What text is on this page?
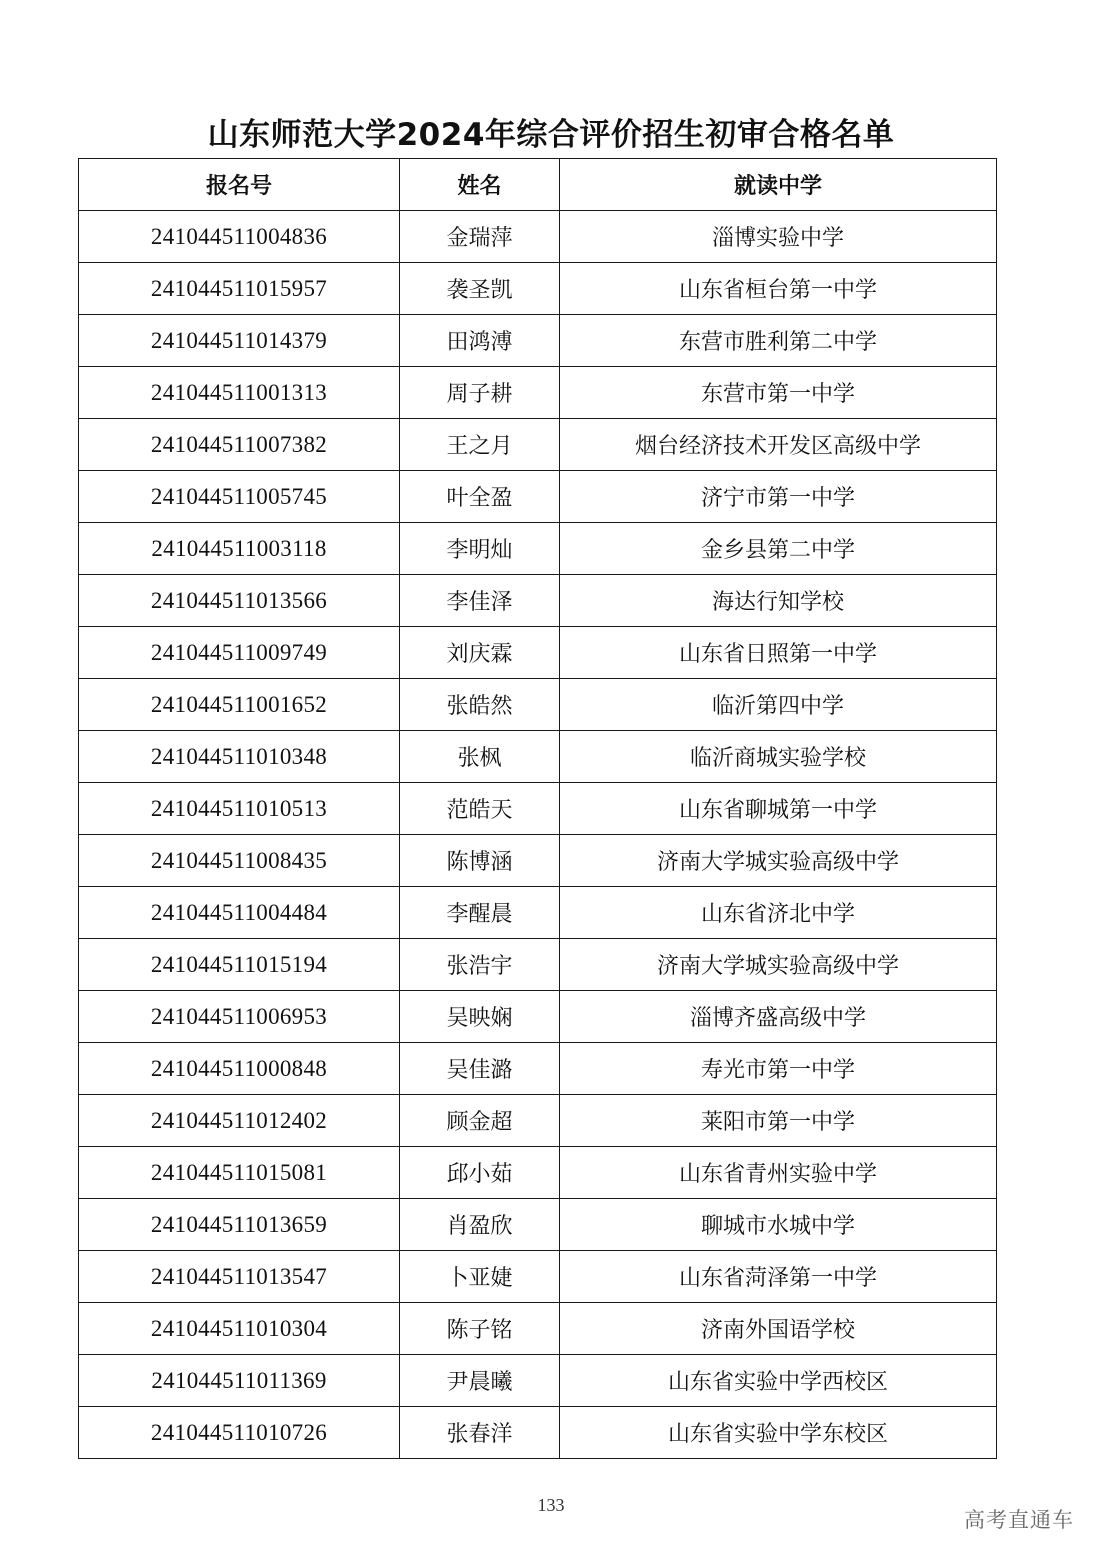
山东师范大学2024年综合评价招生初审合格名单
报名号	姓名	就读中学
241044511004836	金瑞萍	淄博实验中学
241044511015957	袭圣凯	山东省桓台第一中学
241044511014379	田鸿溥	东营市胜利第二中学
241044511001313	周子耕	东营市第一中学
241044511007382	王之月	烟台经济技术开发区高级中学
241044511005745	叶全盈	济宁市第一中学
241044511003118	李明灿	金乡县第二中学
241044511013566	李佳泽	海达行知学校
241044511009749	刘庆霖	山东省日照第一中学
241044511001652	张皓然	临沂第四中学
241044511010348	张枫	临沂商城实验学校
241044511010513	范皓天	山东省聊城第一中学
241044511008435	陈博涵	济南大学城实验高级中学
241044511004484	李醒晨	山东省济北中学
241044511015194	张浩宇	济南大学城实验高级中学
241044511006953	吴映娴	淄博齐盛高级中学
241044511000848	吴佳潞	寿光市第一中学
241044511012402	顾金超	莱阳市第一中学
241044511015081	邱小茹	山东省青州实验中学
241044511013659	肖盈欣	聊城市水城中学
241044511013547	卜亚婕	山东省菏泽第一中学
241044511010304	陈子铭	济南外国语学校
241044511011369	尹晨曦	山东省实验中学西校区
241044511010726	张春洋	山东省实验中学东校区
133
高考直通车
